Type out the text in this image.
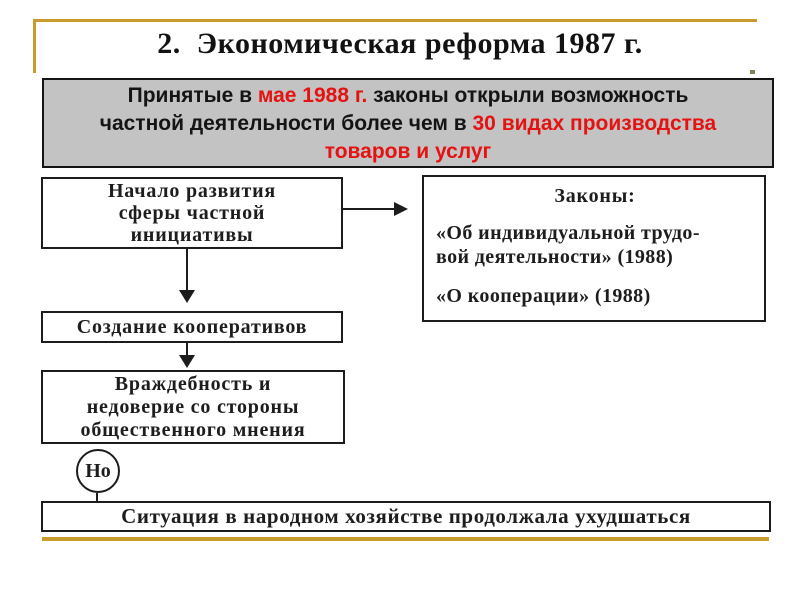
2.  Экономическая реформа 1987 г.
Принятые в мае 1988 г. законы открыли возможность
частной деятельности более чем в 30 видах производства
товаров и услуг
Начало развития
сферы частной
инициативы
Законы:
«Об индивидуальной трудо-
вой деятельности» (1988)
«О кооперации» (1988)
Создание кооперативов
Враждебность и
недоверие со стороны
общественного мнения
Но
Ситуация в народном хозяйстве продолжала ухудшаться
